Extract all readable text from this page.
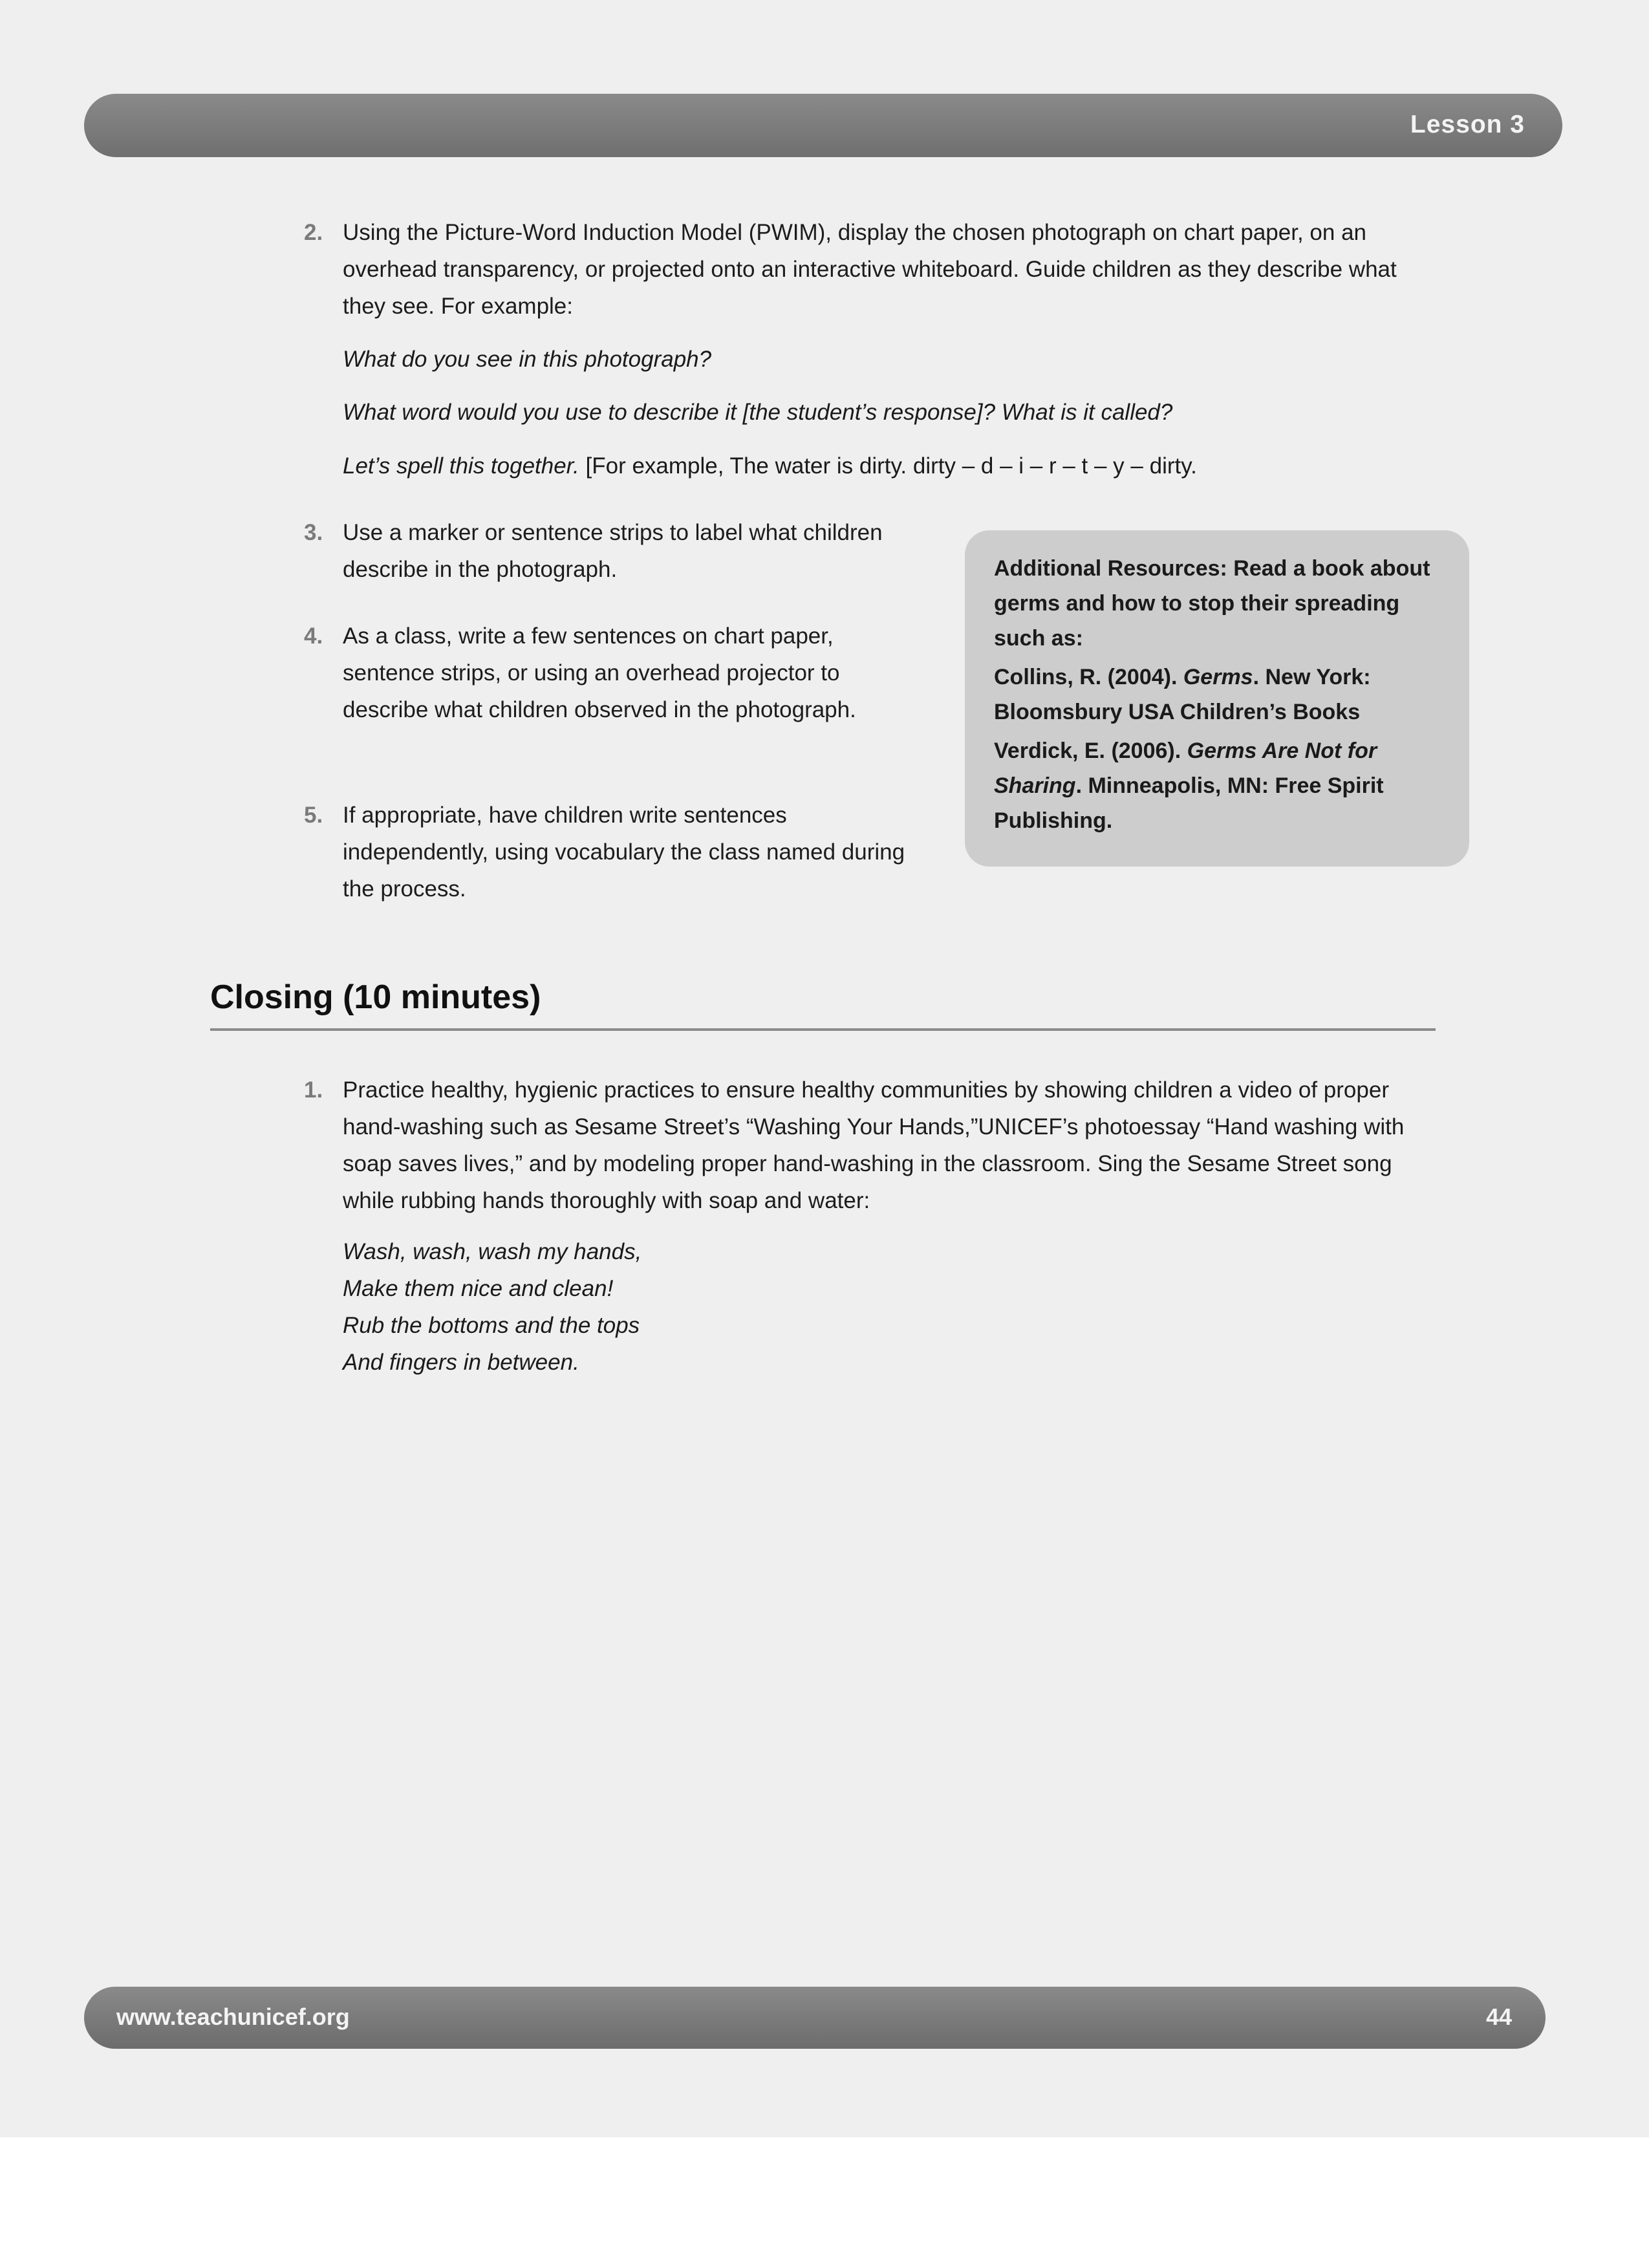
Lesson 3
2. Using the Picture-Word Induction Model (PWIM), display the chosen photograph on chart paper, on an overhead transparency, or projected onto an interactive whiteboard. Guide children as they describe what they see. For example:

What do you see in this photograph?
What word would you use to describe it [the student’s response]? What is it called?
Let’s spell this together. [For example, The water is dirty. dirty – d – i – r – t – y – dirty.
3. Use a marker or sentence strips to label what children describe in the photograph.

4. As a class, write a few sentences on chart paper, sentence strips, or using an overhead projector to describe what children observed in the photograph.

5. If appropriate, have children write sentences independently, using vocabulary the class named during the process.

Additional Resources: Read a book about germs and how to stop their spreading such as:

Collins, R. (2004). Germs. New York: Bloomsbury USA Children’s Books

Verdick, E. (2006). Germs Are Not for Sharing. Minneapolis, MN: Free Spirit Publishing.

Closing (10 minutes)
1. Practice healthy, hygienic practices to ensure healthy communities by showing children a video of proper hand-washing such as Sesame Street’s “Washing Your Hands,”UNICEF’s photoessay “Hand washing with soap saves lives,” and by modeling proper hand-washing in the classroom. Sing the Sesame Street song while rubbing hands thoroughly with soap and water:

Wash, wash, wash my hands,
Make them nice and clean!
Rub the bottoms and the tops
And fingers in between.
www.teachunicef.org	44
